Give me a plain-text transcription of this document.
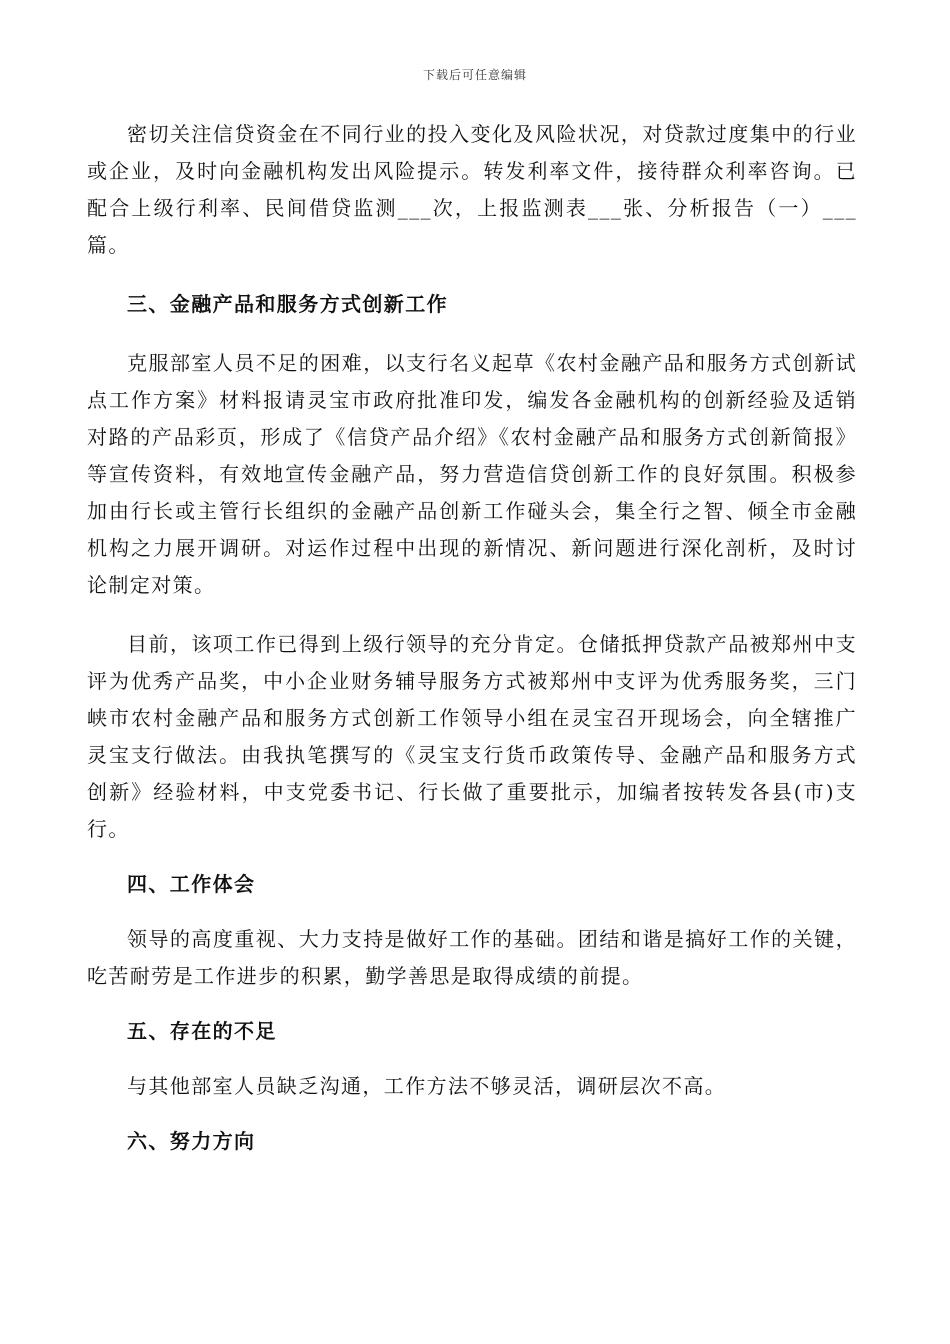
下载后可任意编辑

密切关注信贷资金在不同行业的投入变化及风险状况，对贷款过度集中的行业或企业，及时向金融机构发出风险提示。转发利率文件，接待群众利率咨询。已配合上级行利率、民间借贷监测___次，上报监测表___张、分析报告（一）___篇。

三、金融产品和服务方式创新工作

克服部室人员不足的困难，以支行名义起草《农村金融产品和服务方式创新试点工作方案》材料报请灵宝市政府批准印发，编发各金融机构的创新经验及适销对路的产品彩页，形成了《信贷产品介绍》《农村金融产品和服务方式创新简报》等宣传资料，有效地宣传金融产品，努力营造信贷创新工作的良好氛围。积极参加由行长或主管行长组织的金融产品创新工作碰头会，集全行之智、倾全市金融机构之力展开调研。对运作过程中出现的新情况、新问题进行深化剖析，及时讨论制定对策。

目前，该项工作已得到上级行领导的充分肯定。仓储抵押贷款产品被郑州中支评为优秀产品奖，中小企业财务辅导服务方式被郑州中支评为优秀服务奖，三门峡市农村金融产品和服务方式创新工作领导小组在灵宝召开现场会，向全辖推广灵宝支行做法。由我执笔撰写的《灵宝支行货币政策传导、金融产品和服务方式创新》经验材料，中支党委书记、行长做了重要批示，加编者按转发各县(市)支行。

四、工作体会

领导的高度重视、大力支持是做好工作的基础。团结和谐是搞好工作的关键，吃苦耐劳是工作进步的积累，勤学善思是取得成绩的前提。

五、存在的不足

与其他部室人员缺乏沟通，工作方法不够灵活，调研层次不高。

六、努力方向
